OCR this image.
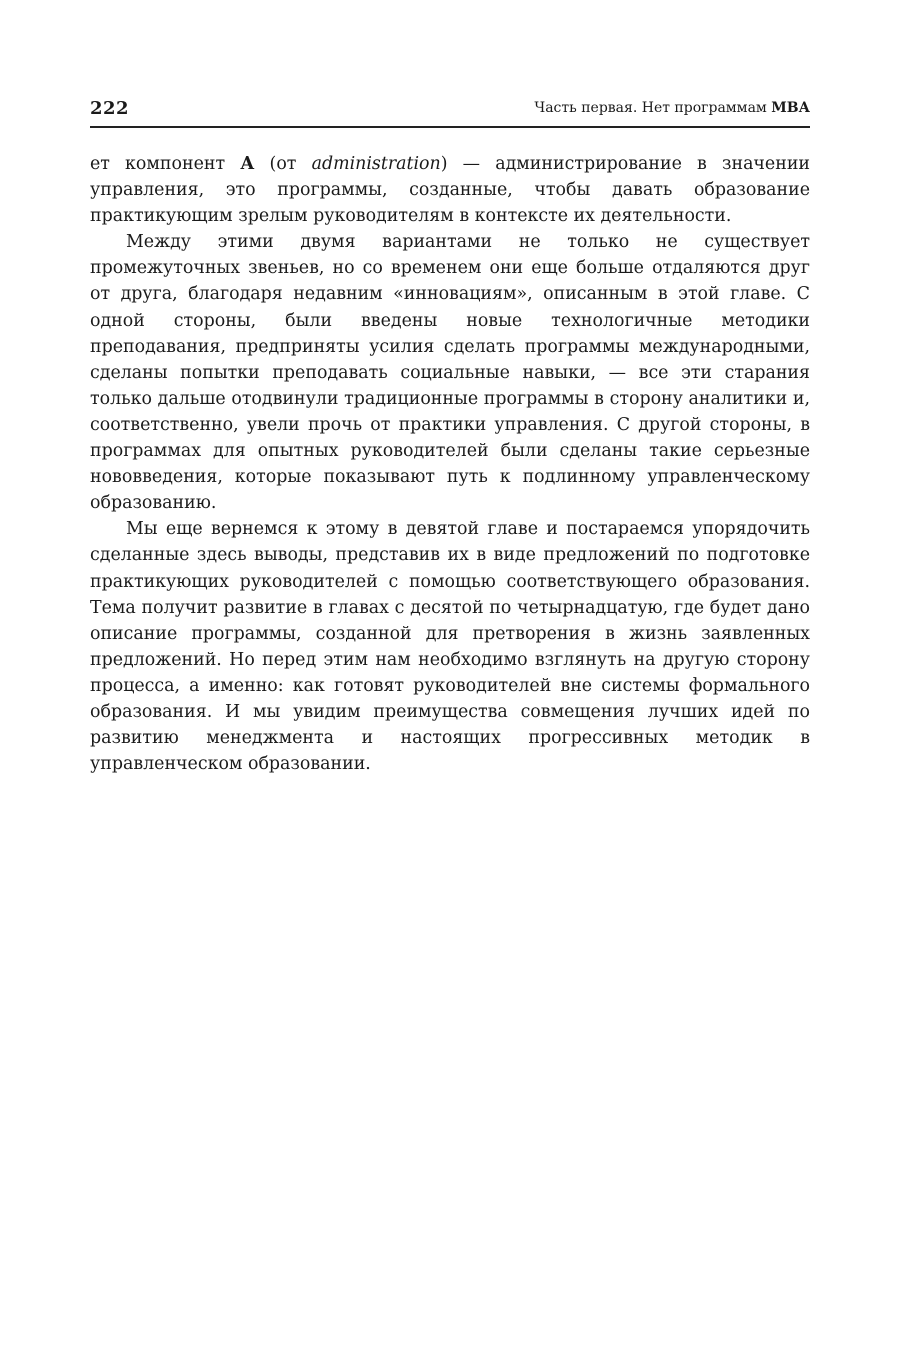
222	Часть первая. Нет программам МВА

ет компонент А (от administration) — администрирование в значении управления, это программы, созданные, чтобы давать образование практикующим зрелым руководителям в контексте их деятельности.

Между этими двумя вариантами не только не существует промежуточных звеньев, но со временем они еще больше отдаляются друг от друга, благодаря недавним «инновациям», описанным в этой главе. С одной стороны, были введены новые технологичные методики преподавания, предприняты усилия сделать программы международными, сделаны попытки преподавать социальные навыки, — все эти старания только дальше отодвинули традиционные программы в сторону аналитики и, соответственно, увели прочь от практики управления. С другой стороны, в программах для опытных руководителей были сделаны такие серьезные нововведения, которые показывают путь к подлинному управленческому образованию.

Мы еще вернемся к этому в девятой главе и постараемся упорядочить сделанные здесь выводы, представив их в виде предложений по подготовке практикующих руководителей с помощью соответствующего образования. Тема получит развитие в главах с десятой по четырнадцатую, где будет дано описание программы, созданной для претворения в жизнь заявленных предложений. Но перед этим нам необходимо взглянуть на другую сторону процесса, а именно: как готовят руководителей вне системы формального образования. И мы увидим преимущества совмещения лучших идей по развитию менеджмента и настоящих прогрессивных методик в управленческом образовании.
